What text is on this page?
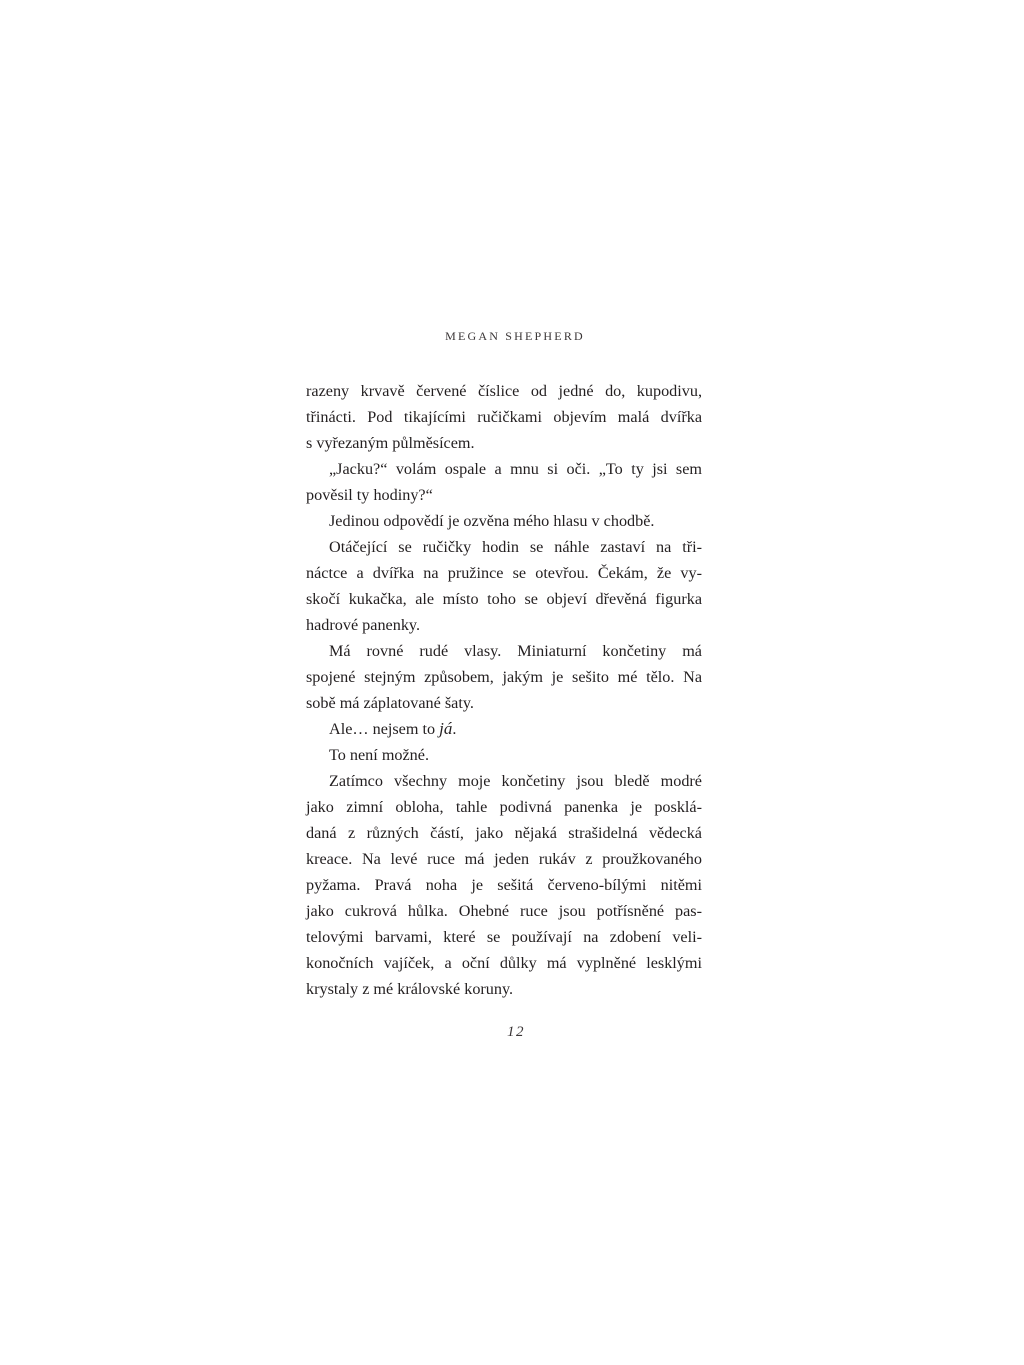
MEGAN SHEPHERD
razeny krvavě červené číslice od jedné do, kupodivu,
třinácti. Pod tikajícími ručičkami objevím malá dvířka
s vyřezaným půlměsícem.
„Jacku?“ volám ospale a mnu si oči. „To ty jsi sem
pověsil ty hodiny?“
Jedinou odpovědí je ozvěna mého hlasu v chodbě.
Otáčející se ručičky hodin se náhle zastaví na tři-
náctce a dvířka na pružince se otevřou. Čekám, že vy-
skočí kukačka, ale místo toho se objeví dřevěná figurka
hadrové panenky.
Má rovné rudé vlasy. Miniaturní končetiny má
spojené stejným způsobem, jakým je sešito mé tělo. Na
sobě má záplatované šaty.
Ale… nejsem to já.
To není možné.
Zatímco všechny moje končetiny jsou bledě modré
jako zimní obloha, tahle podivná panenka je posklá-
daná z různých částí, jako nějaká strašidelná vědecká
kreace. Na levé ruce má jeden rukáv z proužkovaného
pyžama. Pravá noha je sešitá červeno-bílými nitěmi
jako cukrová hůlka. Ohebné ruce jsou potřísněné pas-
telovými barvami, které se používají na zdobení veli-
konočních vajíček, a oční důlky má vyplněné lesklými
krystaly z mé královské koruny.
12
